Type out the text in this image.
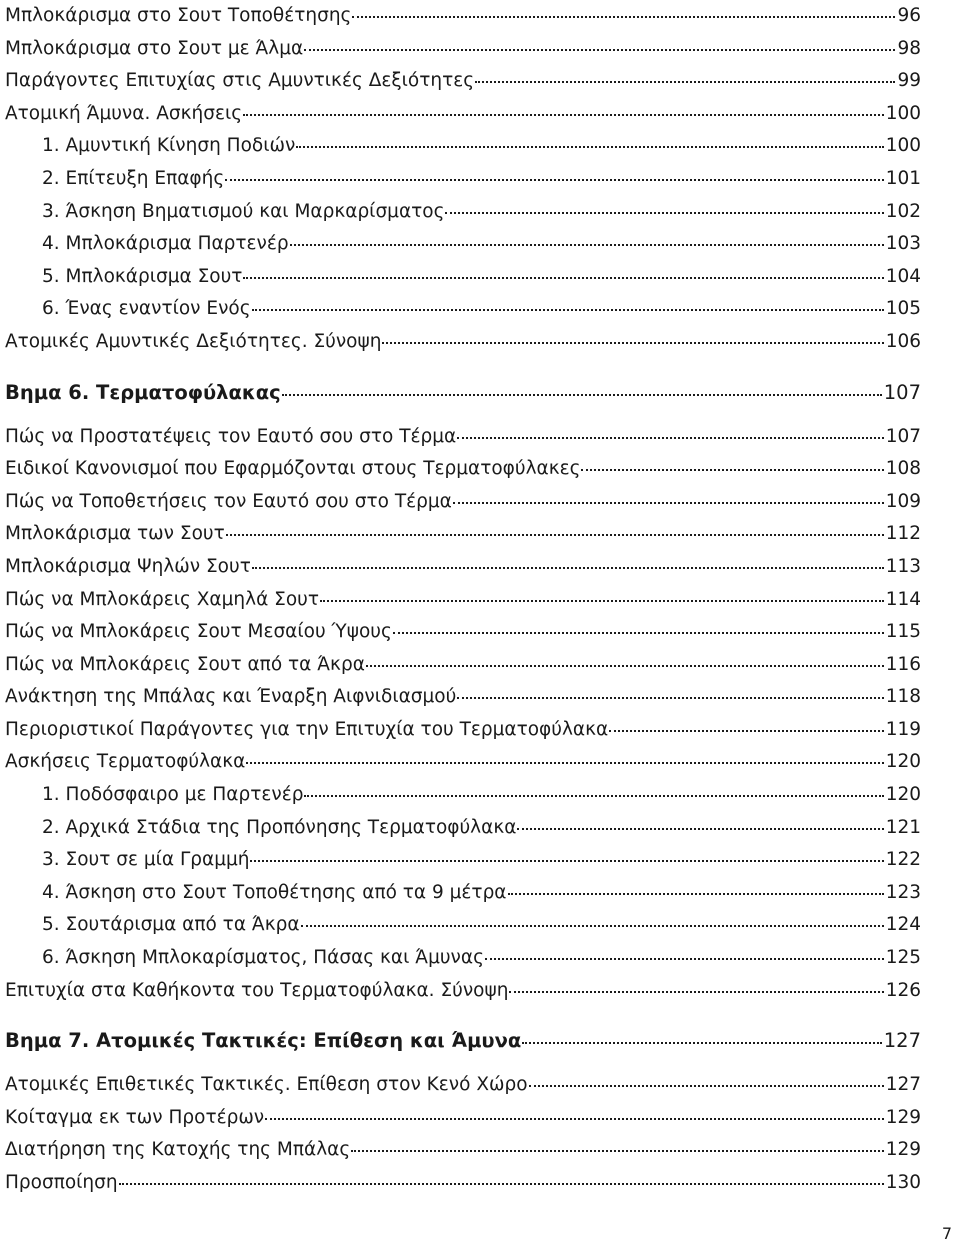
Μπλοκάρισμα στο Σουτ Τοποθέτησης	96
Μπλοκάρισμα στο Σουτ με Άλμα	98
Παράγοντες Επιτυχίας στις Αμυντικές Δεξιότητες	99
Ατομική Άμυνα. Ασκήσεις	100
1. Αμυντική Κίνηση Ποδιών	100
2. Επίτευξη Επαφής	101
3. Άσκηση Βηματισμού και Μαρκαρίσματος	102
4. Μπλοκάρισμα Παρτενέρ	103
5. Μπλοκάρισμα Σουτ	104
6. Ένας εναντίον Ενός	105
Ατομικές Αμυντικές Δεξιότητες. Σύνοψη	106
Βημα 6. Τερματοφύλακας	107
Πώς να Προστατέψεις τον Εαυτό σου στο Τέρμα	107
Ειδικοί Κανονισμοί που Εφαρμόζονται στους Τερματοφύλακες	108
Πώς να Τοποθετήσεις τον Εαυτό σου στο Τέρμα	109
Μπλοκάρισμα των Σουτ	112
Μπλοκάρισμα Ψηλών Σουτ	113
Πώς να Μπλοκάρεις Χαμηλά Σουτ	114
Πώς να Μπλοκάρεις Σουτ Μεσαίου Ύψους	115
Πώς να Μπλοκάρεις Σουτ από τα Άκρα	116
Ανάκτηση της Μπάλας και Έναρξη Αιφνιδιασμού	118
Περιοριστικοί Παράγοντες για την Επιτυχία του Τερματοφύλακα	119
Ασκήσεις Τερματοφύλακα	120
1. Ποδόσφαιρο με Παρτενέρ	120
2. Αρχικά Στάδια της Προπόνησης Τερματοφύλακα	121
3. Σουτ σε μία Γραμμή	122
4. Άσκηση στο Σουτ Τοποθέτησης από τα 9 μέτρα	123
5. Σουτάρισμα από τα Άκρα	124
6. Άσκηση Μπλοκαρίσματος, Πάσας και Άμυνας	125
Επιτυχία στα Καθήκοντα του Τερματοφύλακα. Σύνοψη	126
Βημα 7. Ατομικές Τακτικές: Επίθεση και Άμυνα	127
Ατομικές Επιθετικές Τακτικές. Επίθεση στον Κενό Χώρο	127
Κοίταγμα εκ των Προτέρων	129
Διατήρηση της Κατοχής της Μπάλας	129
Προσποίηση	130
7
